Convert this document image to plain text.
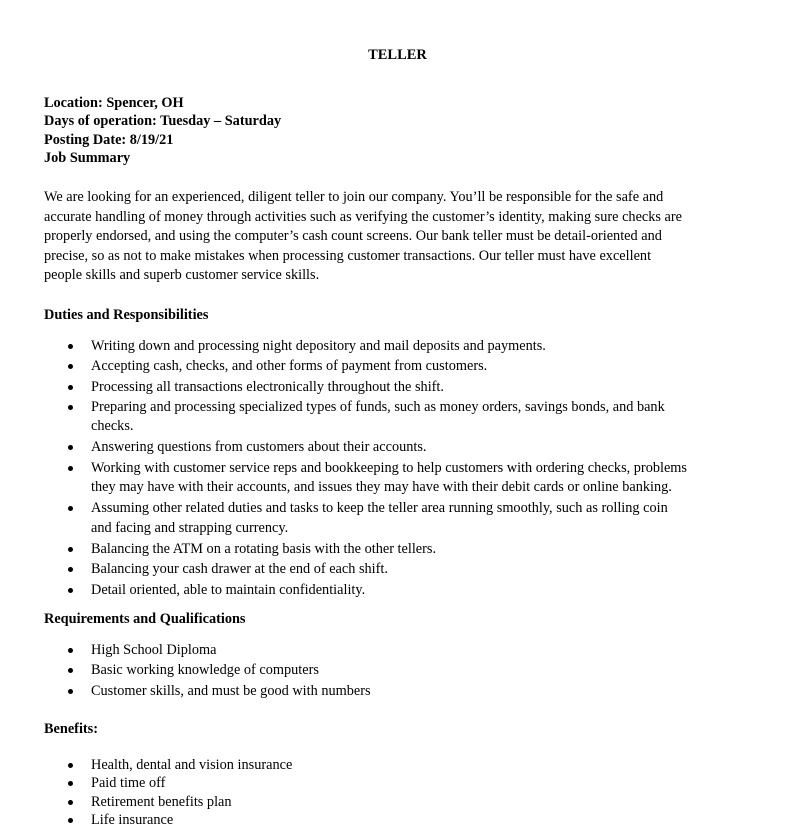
TELLER
Location: Spencer, OH
Days of operation: Tuesday – Saturday
Posting Date: 8/19/21
Job Summary

We are looking for an experienced, diligent teller to join our company. You’ll be responsible for the safe and
accurate handling of money through activities such as verifying the customer’s identity, making sure checks are
properly endorsed, and using the computer’s cash count screens. Our bank teller must be detail-oriented and
precise, so as not to make mistakes when processing customer transactions. Our teller must have excellent
people skills and superb customer service skills.

Duties and Responsibilities
Writing down and processing night depository and mail deposits and payments.
Accepting cash, checks, and other forms of payment from customers.
Processing all transactions electronically throughout the shift.
Preparing and processing specialized types of funds, such as money orders, savings bonds, and bank
checks.
Answering questions from customers about their accounts.
Working with customer service reps and bookkeeping to help customers with ordering checks, problems
they may have with their accounts, and issues they may have with their debit cards or online banking.
Assuming other related duties and tasks to keep the teller area running smoothly, such as rolling coin
and facing and strapping currency.
Balancing the ATM on a rotating basis with the other tellers.
Balancing your cash drawer at the end of each shift.
Detail oriented, able to maintain confidentiality.
Requirements and Qualifications
High School Diploma
Basic working knowledge of computers
Customer skills, and must be good with numbers
Benefits:
Health, dental and vision insurance
Paid time off
Retirement benefits plan
Life insurance
